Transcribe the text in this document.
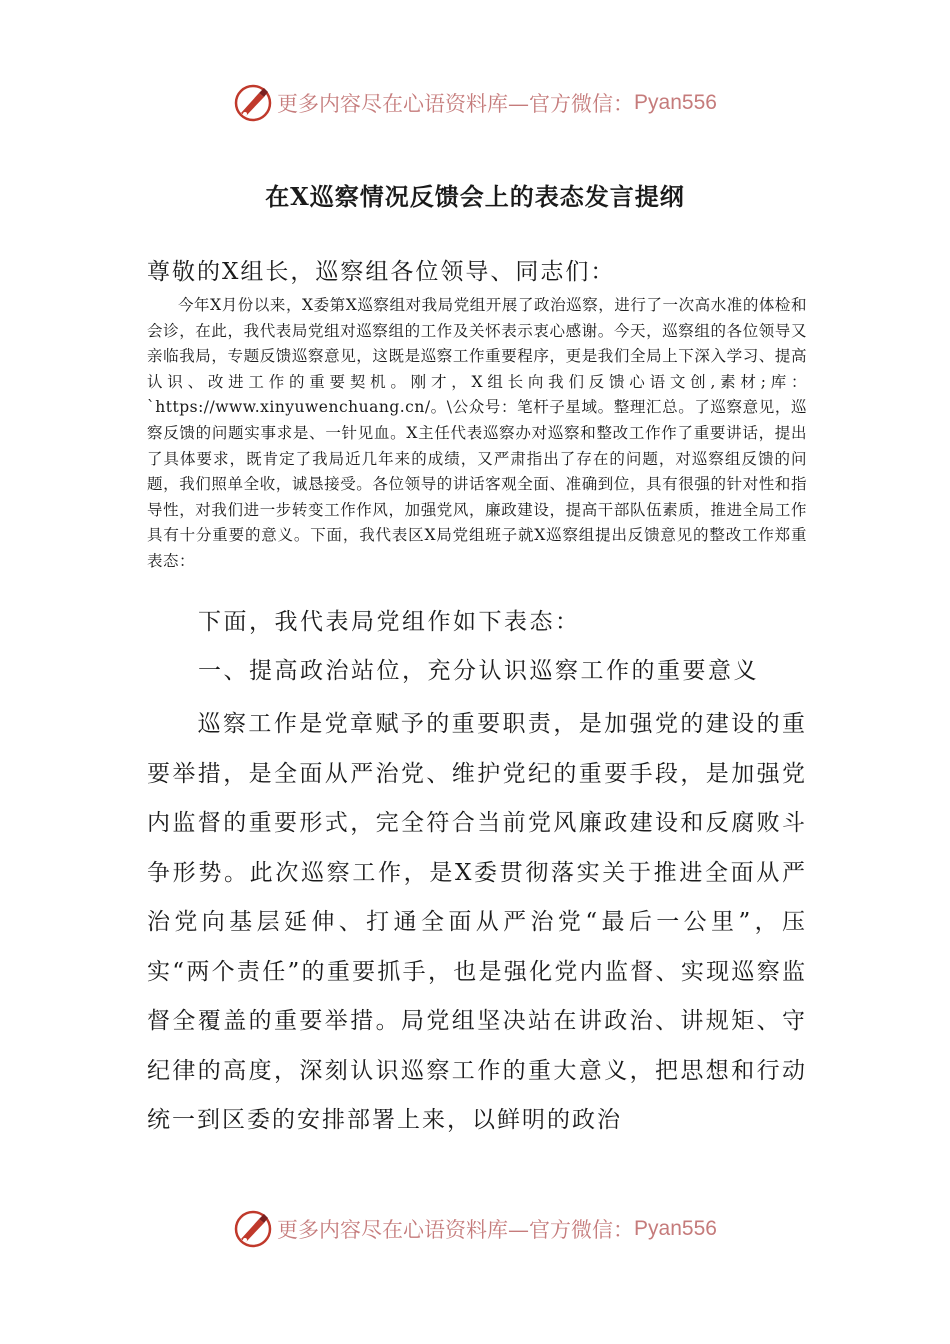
更多内容尽在心语资料库—官方微信： Pyan556
在X巡察情况反馈会上的表态发言提纲
尊敬的X组长，巡察组各位领导、同志们：

今年X月份以来，X委第X巡察组对我局党组开展了政治巡察，进行了一次高水准的体检和会诊，在此，我代表局党组对巡察组的工作及关怀表示衷心感谢。今天，巡察组的各位领导又亲临我局，专题反馈巡察意见，这既是巡察工作重要程序，更是我们全局上下深入学习、提高认识、改进工作的重要契机。刚才，X组长向我们反馈心语文创,素材;库：`https://www.xinyuwenchuang.cn/。\公众号：笔杆子星域。整理汇总。了巡察意见，巡察反馈的问题实事求是、一针见血。X主任代表巡察办对巡察和整改工作作了重要讲话，提出了具体要求，既肯定了我局近几年来的成绩，又严肃指出了存在的问题，对巡察组反馈的问题，我们照单全收，诚恳接受。各位领导的讲话客观全面、准确到位，具有很强的针对性和指导性，对我们进一步转变工作作风，加强党风，廉政建设，提高干部队伍素质，推进全局工作具有十分重要的意义。下面，我代表区X局党组班子就X巡察组提出反馈意见的整改工作郑重表态：

下面，我代表局党组作如下表态：
一、提高政治站位，充分认识巡察工作的重要意义

巡察工作是党章赋予的重要职责，是加强党的建设的重要举措，是全面从严治党、维护党纪的重要手段，是加强党内监督的重要形式，完全符合当前党风廉政建设和反腐败斗争形势。此次巡察工作，是X委贯彻落实关于推进全面从严治党向基层延伸、打通全面从严治党“最后一公里”，压实“两个责任”的重要抓手，也是强化党内监督、实现巡察监督全覆盖的重要举措。局党组坚决站在讲政治、讲规矩、守纪律的高度，深刻认识巡察工作的重大意义，把思想和行动统一到区委的安排部署上来，以鲜明的政治

更多内容尽在心语资料库—官方微信： Pyan556
